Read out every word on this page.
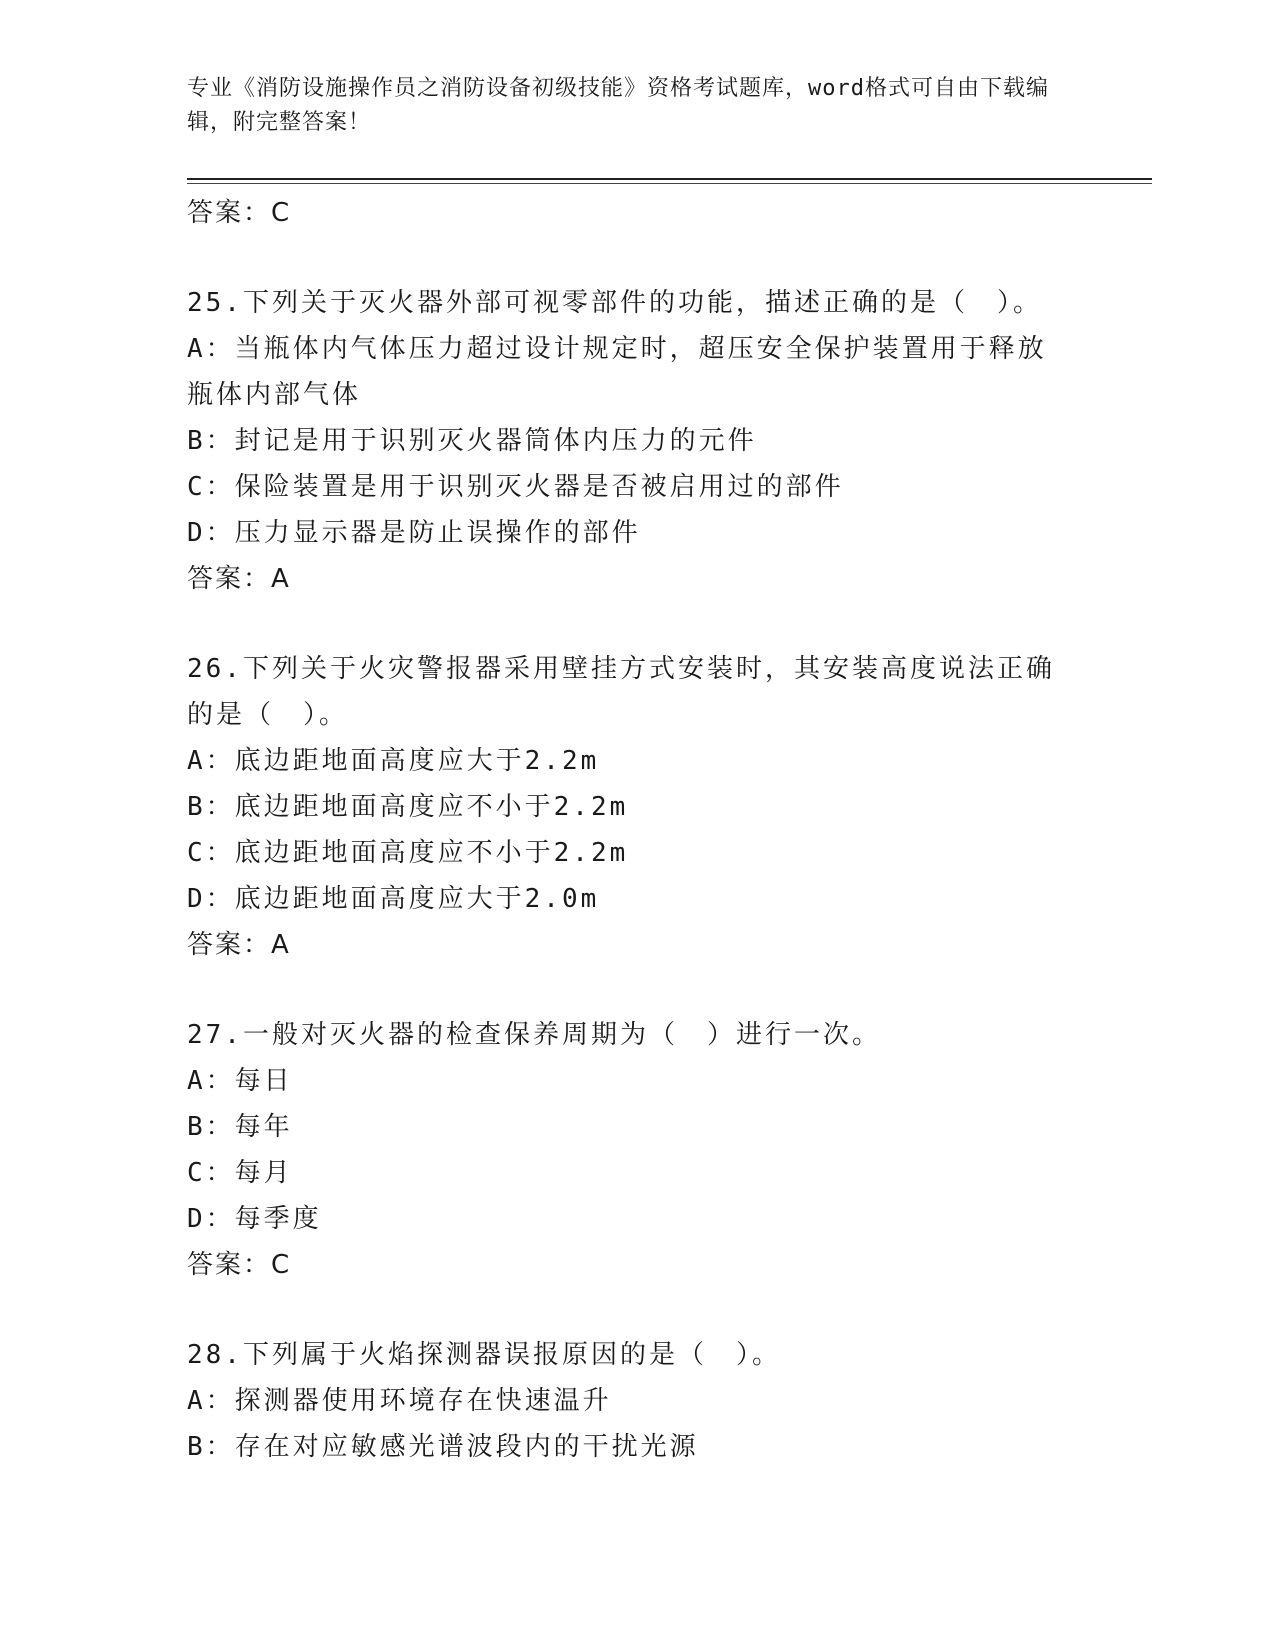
专业《消防设施操作员之消防设备初级技能》资格考试题库，word格式可自由下载编辑，附完整答案！
答案：C
25.下列关于灭火器外部可视零部件的功能，描述正确的是（　）。
A：当瓶体内气体压力超过设计规定时，超压安全保护装置用于释放瓶体内部气体
B：封记是用于识别灭火器筒体内压力的元件
C：保险装置是用于识别灭火器是否被启用过的部件
D：压力显示器是防止误操作的部件
答案：A
26.下列关于火灾警报器采用壁挂方式安装时，其安装高度说法正确的是（　）。
A：底边距地面高度应大于2.2m
B：底边距地面高度应不小于2.2m
C：底边距地面高度应不小于2.2m
D：底边距地面高度应大于2.0m
答案：A
27.一般对灭火器的检查保养周期为（　）进行一次。
A：每日
B：每年
C：每月
D：每季度
答案：C
28.下列属于火焰探测器误报原因的是（　）。
A：探测器使用环境存在快速温升
B：存在对应敏感光谱波段内的干扰光源
